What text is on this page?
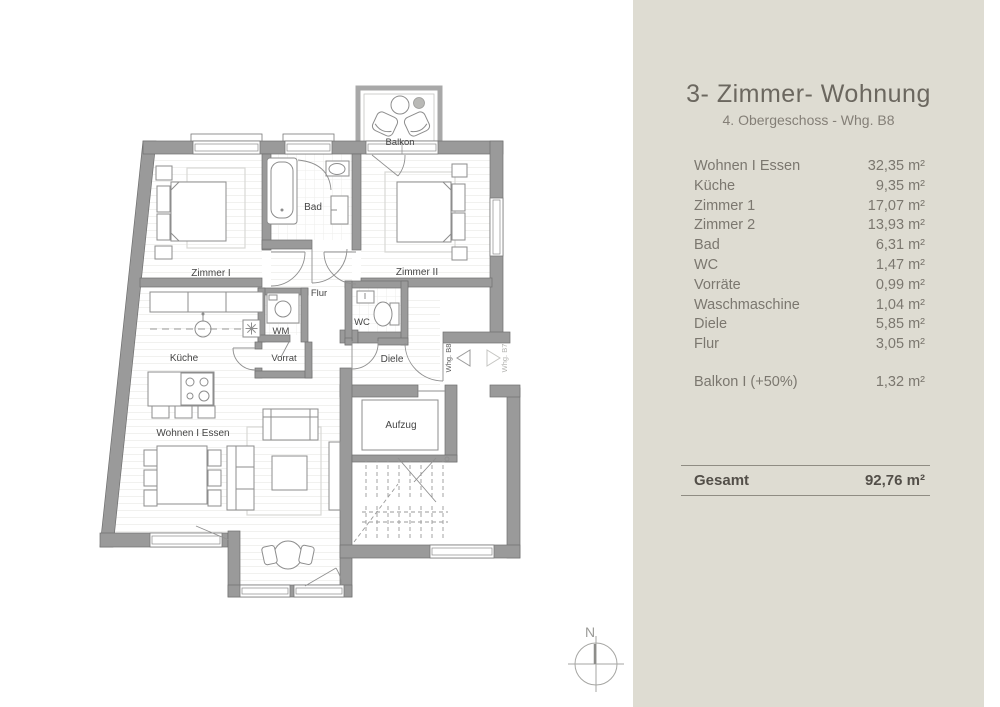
Whg. B8	Whg. B7
Balkon
Zimmer I	Zimmer II
Bad
Flur
WM
WC
Vorrat	Diele
Küche
Wohnen I Essen
Aufzug
N
3- Zimmer- Wohnung
4. Obergeschoss - Whg. B8
Wohnen I Essen	32,35 m²
Küche	9,35 m²
Zimmer 1	17,07 m²
Zimmer 2	13,93 m²
Bad	6,31 m²
WC	1,47 m²
Vorräte	0,99 m²
Waschmaschine	1,04 m²
Diele	5,85 m²
Flur	3,05 m²
Balkon I (+50%)	1,32 m²
Gesamt	92,76 m²
